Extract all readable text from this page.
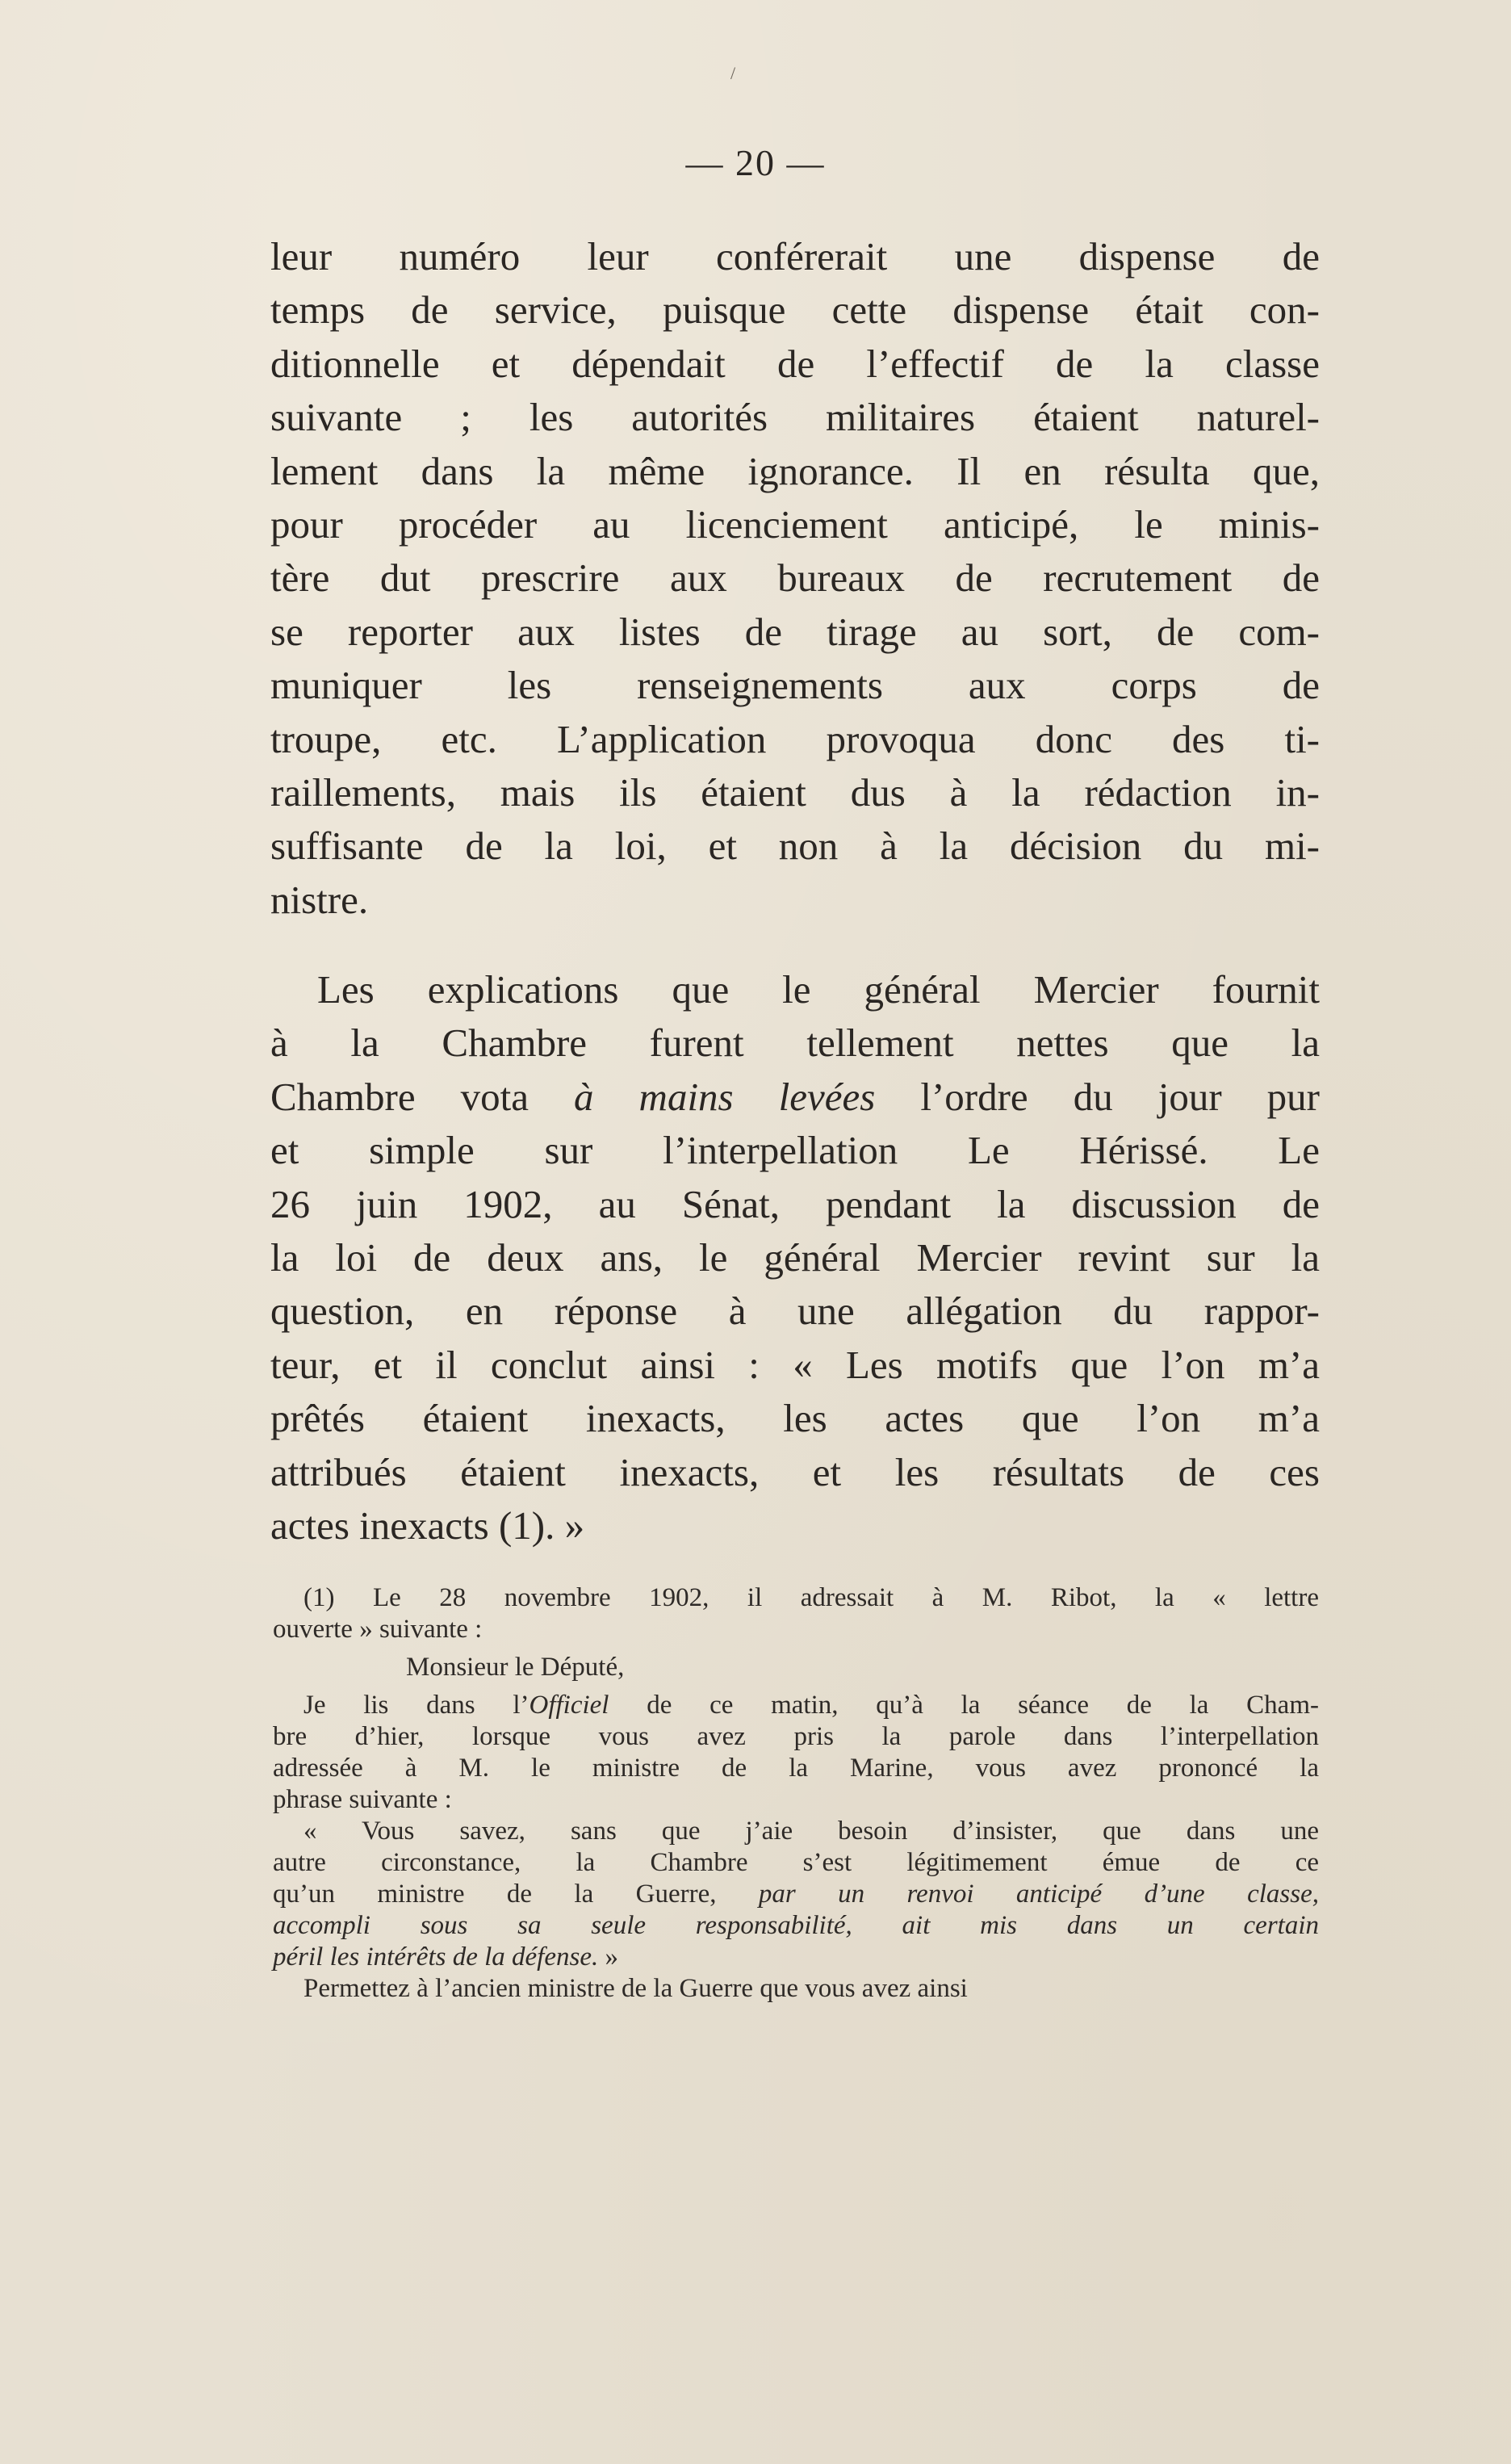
/
— 20 —
leur numéro leur conférerait une dispense de
temps de service, puisque cette dispense était con-
ditionnelle et dépendait de l’effectif de la classe
suivante ; les autorités militaires étaient naturel-
lement dans la même ignorance. Il en résulta que,
pour procéder au licenciement anticipé, le minis-
tère dut prescrire aux bureaux de recrutement de
se reporter aux listes de tirage au sort, de com-
muniquer les renseignements aux corps de
troupe, etc. L’application provoqua donc des ti-
raillements, mais ils étaient dus à la rédaction in-
suffisante de la loi, et non à la décision du mi-
nistre.
Les explications que le général Mercier fournit
à la Chambre furent tellement nettes que la
Chambre vota à mains levées l’ordre du jour pur
et simple sur l’interpellation Le Hérissé. Le
26 juin 1902, au Sénat, pendant la discussion de
la loi de deux ans, le général Mercier revint sur la
question, en réponse à une allégation du rappor-
teur, et il conclut ainsi : « Les motifs que l’on m’a
prêtés étaient inexacts, les actes que l’on m’a
attribués étaient inexacts, et les résultats de ces
actes inexacts (1). »
(1) Le 28 novembre 1902, il adressait à M. Ribot, la « lettre
ouverte » suivante :
Monsieur le Député,
Je lis dans l’Officiel de ce matin, qu’à la séance de la Cham-
bre d’hier, lorsque vous avez pris la parole dans l’interpellation
adressée à M. le ministre de la Marine, vous avez prononcé la
phrase suivante :
« Vous savez, sans que j’aie besoin d’insister, que dans une
autre circonstance, la Chambre s’est légitimement émue de ce
qu’un ministre de la Guerre, par un renvoi anticipé d’une classe,
accompli sous sa seule responsabilité, ait mis dans un certain
péril les intérêts de la défense. »
Permettez à l’ancien ministre de la Guerre que vous avez ainsi
